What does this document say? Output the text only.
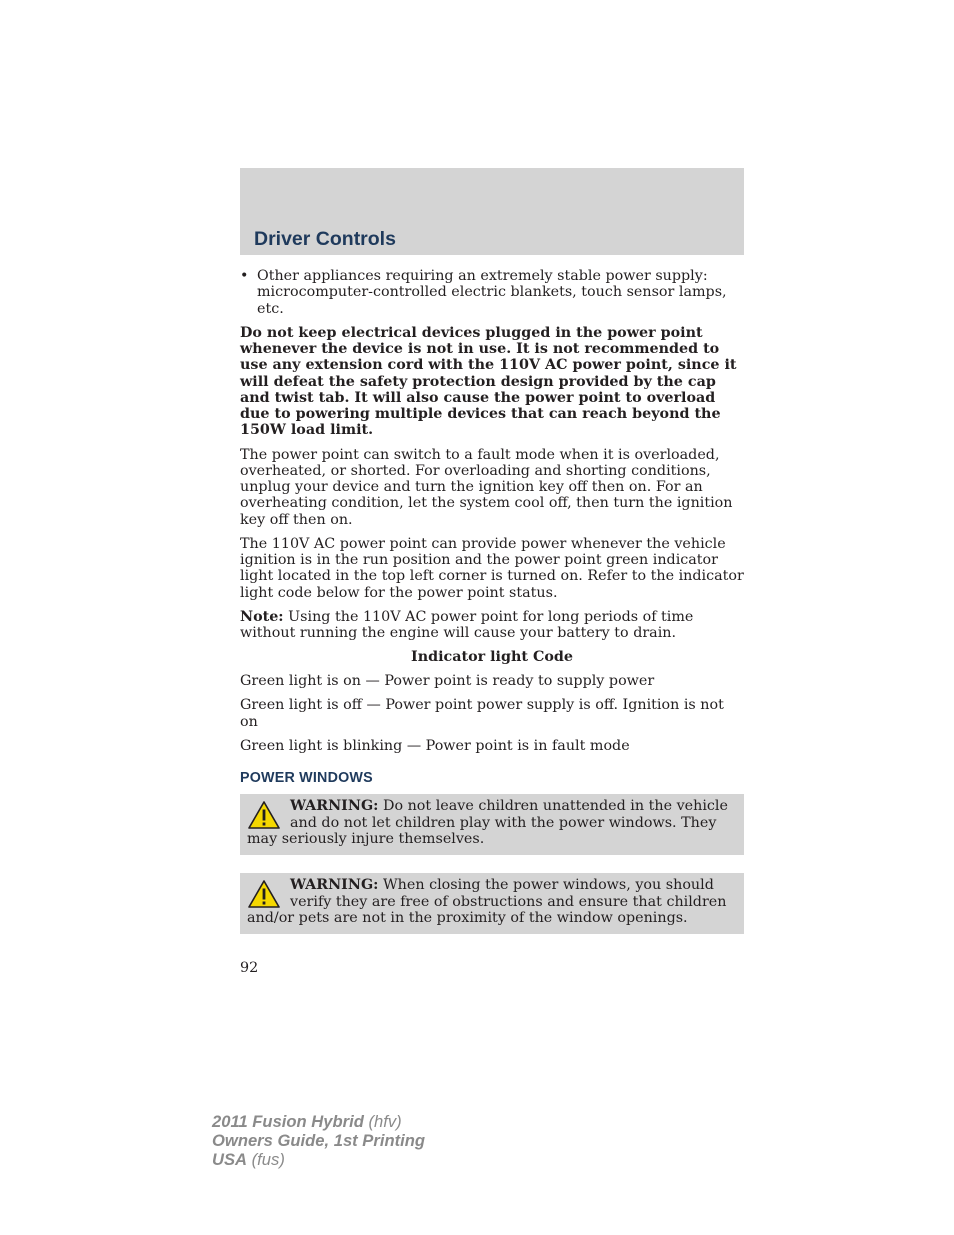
Driver Controls
• Other appliances requiring an extremely stable power supply: microcomputer-controlled electric blankets, touch sensor lamps, etc.

Do not keep electrical devices plugged in the power point whenever the device is not in use. It is not recommended to use any extension cord with the 110V AC power point, since it will defeat the safety protection design provided by the cap and twist tab. It will also cause the power point to overload due to powering multiple devices that can reach beyond the 150W load limit.

The power point can switch to a fault mode when it is overloaded, overheated, or shorted. For overloading and shorting conditions, unplug your device and turn the ignition key off then on. For an overheating condition, let the system cool off, then turn the ignition key off then on.

The 110V AC power point can provide power whenever the vehicle ignition is in the run position and the power point green indicator light located in the top left corner is turned on. Refer to the indicator light code below for the power point status.

Note: Using the 110V AC power point for long periods of time without running the engine will cause your battery to drain.

Indicator light Code

Green light is on — Power point is ready to supply power

Green light is off — Power point power supply is off. Ignition is not on

Green light is blinking — Power point is in fault mode

POWER WINDOWS
WARNING: Do not leave children unattended in the vehicle and do not let children play with the power windows. They may seriously injure themselves.
WARNING: When closing the power windows, you should verify they are free of obstructions and ensure that children and/or pets are not in the proximity of the window openings.
92
2011 Fusion Hybrid (hfv)
Owners Guide, 1st Printing
USA (fus)
